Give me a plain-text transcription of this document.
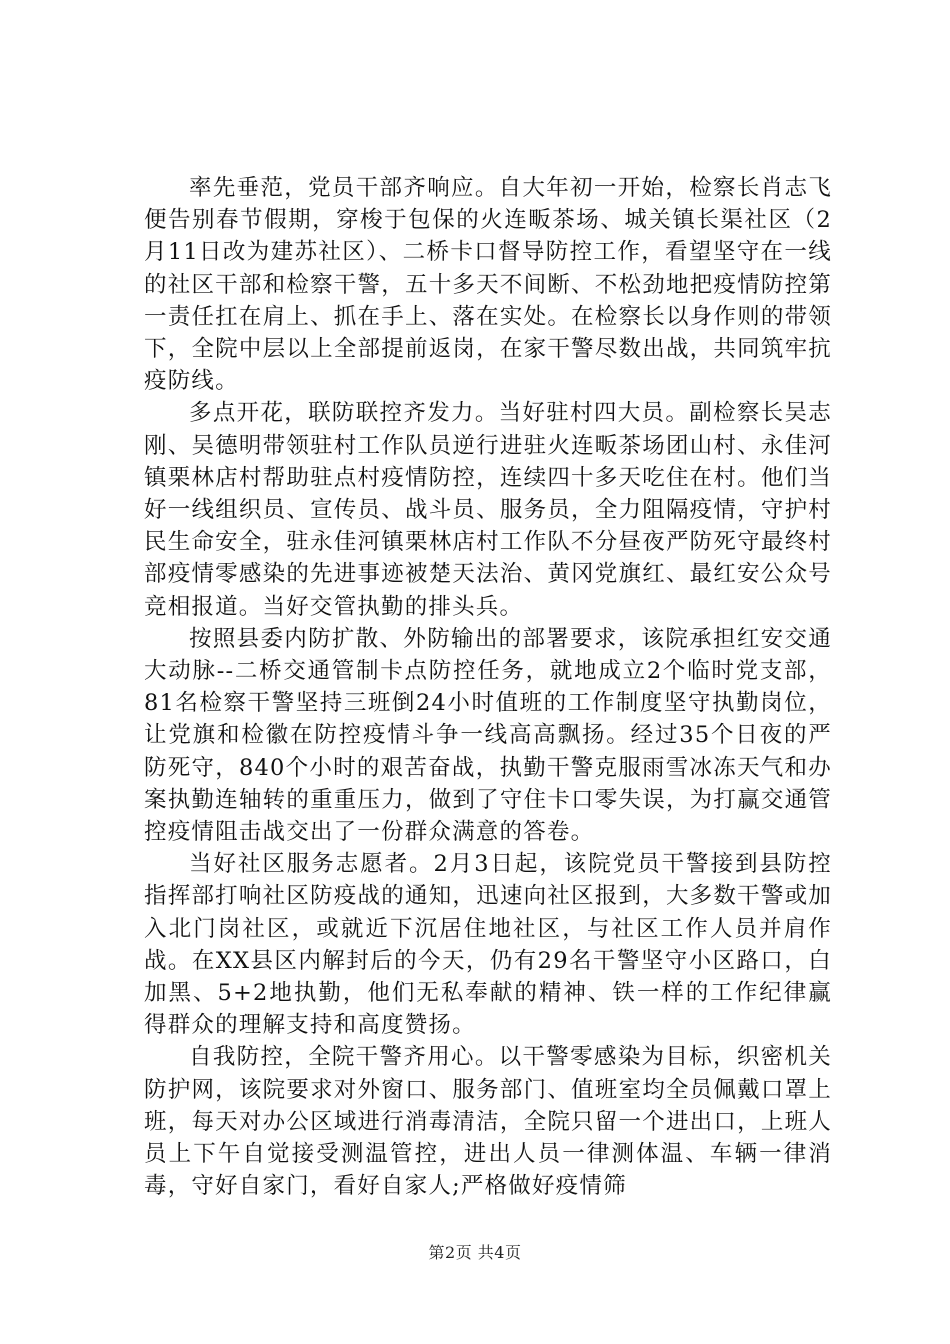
率先垂范，党员干部齐响应。自大年初一开始，检察长肖志飞便告别春节假期，穿梭于包保的火连畈茶场、城关镇长渠社区（2月11日改为建苏社区）、二桥卡口督导防控工作，看望坚守在一线的社区干部和检察干警，五十多天不间断、不松劲地把疫情防控第一责任扛在肩上、抓在手上、落在实处。在检察长以身作则的带领下，全院中层以上全部提前返岗，在家干警尽数出战，共同筑牢抗疫防线。

多点开花，联防联控齐发力。当好驻村四大员。副检察长吴志刚、吴德明带领驻村工作队员逆行进驻火连畈茶场团山村、永佳河镇栗林店村帮助驻点村疫情防控，连续四十多天吃住在村。他们当好一线组织员、宣传员、战斗员、服务员，全力阻隔疫情，守护村民生命安全，驻永佳河镇栗林店村工作队不分昼夜严防死守最终村部疫情零感染的先进事迹被楚天法治、黄冈党旗红、最红安公众号竞相报道。当好交管执勤的排头兵。

按照县委内防扩散、外防输出的部署要求，该院承担红安交通大动脉--二桥交通管制卡点防控任务，就地成立2个临时党支部，81名检察干警坚持三班倒24小时值班的工作制度坚守执勤岗位，让党旗和检徽在防控疫情斗争一线高高飘扬。经过35个日夜的严防死守，840个小时的艰苦奋战，执勤干警克服雨雪冰冻天气和办案执勤连轴转的重重压力，做到了守住卡口零失误，为打赢交通管控疫情阻击战交出了一份群众满意的答卷。

当好社区服务志愿者。2月3日起，该院党员干警接到县防控指挥部打响社区防疫战的通知，迅速向社区报到，大多数干警或加入北门岗社区，或就近下沉居住地社区，与社区工作人员并肩作战。在XX县区内解封后的今天，仍有29名干警坚守小区路口，白加黑、5+2地执勤，他们无私奉献的精神、铁一样的工作纪律赢得群众的理解支持和高度赞扬。

自我防控，全院干警齐用心。以干警零感染为目标，织密机关防护网，该院要求对外窗口、服务部门、值班室均全员佩戴口罩上班，每天对办公区域进行消毒清洁，全院只留一个进出口，上班人员上下午自觉接受测温管控，进出人员一律测体温、车辆一律消毒，守好自家门，看好自家人;严格做好疫情筛

第2页 共4页
